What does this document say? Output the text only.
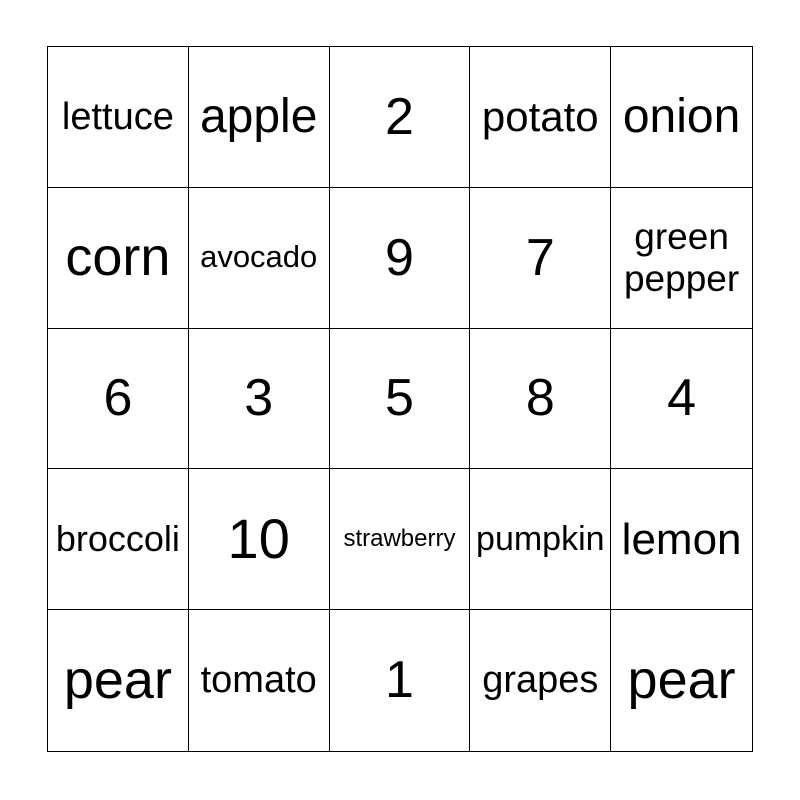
lettuce apple 2 potato onion
corn avocado 9 7	green pepper
6 3 5 8 4
broccoli 10 strawberry pumpkin lemon
pear tomato 1 grapes pear
